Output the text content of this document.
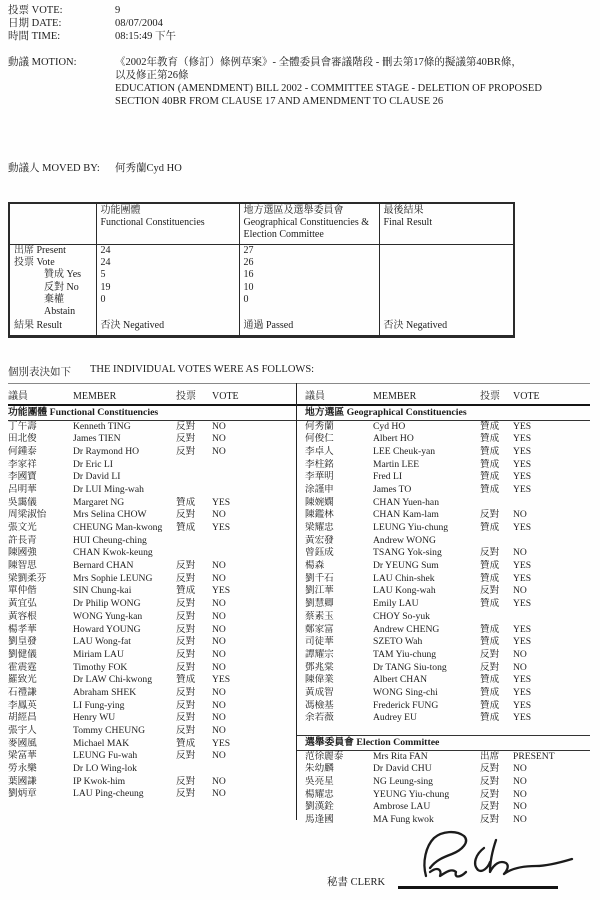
投票 VOTE:	9
日期 DATE:	08/07/2004
時間 TIME:	08:15:49 下午
動議 MOTION:	《2002年教育（修訂）條例草案》- 全體委員會審議階段 - 刪去第17條的擬議第40BR條，
以及修正第26條
EDUCATION (AMENDMENT) BILL 2002 - COMMITTEE STAGE - DELETION OF PROPOSED
SECTION 40BR FROM CLAUSE 17 AND AMENDMENT TO CLAUSE 26
動議人 MOVED BY:	何秀蘭Cyd HO

功能團體
Functional Constituencies

地方選區及選舉委員會
Geographical Constituencies &
Election Committee

最後結果
Final Result

出席 Present	24	27	
投票 Vote	24	26	
贊成 Yes	5	16	
反對 No	19	10	
棄權 Abstain	0	0	
結果 Result	否決 Negatived	通過 Passed	否決 Negatived
個別表決如下 THE INDIVIDUAL VOTES WERE AS FOLLOWS:
議員	MEMBER	投票	VOTE
功能團體 Functional Constituencies
丁午壽	Kenneth TING	反對	NO
田北俊	James TIEN	反對	NO
何鍾泰	Dr Raymond HO	反對	NO
李家祥	Dr Eric LI
李國寶	Dr David LI
呂明華	Dr LUI Ming-wah
吳靄儀	Margaret NG	贊成	YES
周梁淑怡	Mrs Selina CHOW	反對	NO
張文光	CHEUNG Man-kwong	贊成	YES
許長青	HUI Cheung-ching
陳國強	CHAN Kwok-keung
陳智思	Bernard CHAN	反對	NO
梁劉柔芬	Mrs Sophie LEUNG	反對	NO
單仲偕	SIN Chung-kai	贊成	YES
黃宜弘	Dr Philip WONG	反對	NO
黃容根	WONG Yung-kan	反對	NO
楊孝華	Howard YOUNG	反對	NO
劉皇發	LAU Wong-fat	反對	NO
劉健儀	Miriam LAU	反對	NO
霍震霆	Timothy FOK	反對	NO
羅致光	Dr LAW Chi-kwong	贊成	YES
石禮謙	Abraham SHEK	反對	NO
李鳳英	LI Fung-ying	反對	NO
胡經昌	Henry WU	反對	NO
張宇人	Tommy CHEUNG	反對	NO
麥國風	Michael MAK	贊成	YES
梁富華	LEUNG Fu-wah	反對	NO
勞永樂	Dr LO Wing-lok
葉國謙	IP Kwok-him	反對	NO
劉炳章	LAU Ping-cheung	反對	NO
議員	MEMBER	投票	VOTE
地方選區 Geographical Constituencies
何秀蘭	Cyd HO	贊成	YES
何俊仁	Albert HO	贊成	YES
李卓人	LEE Cheuk-yan	贊成	YES
李柱銘	Martin LEE	贊成	YES
李華明	Fred LI	贊成	YES
涂謹申	James TO	贊成	YES
陳婉嫻	CHAN Yuen-han
陳鑑林	CHAN Kam-lam	反對	NO
梁耀忠	LEUNG Yiu-chung	贊成	YES
黃宏發	Andrew WONG
曾鈺成	TSANG Yok-sing	反對	NO
楊森	Dr YEUNG Sum	贊成	YES
劉千石	LAU Chin-shek	贊成	YES
劉江華	LAU Kong-wah	反對	NO
劉慧卿	Emily LAU	贊成	YES
蔡素玉	CHOY So-yuk
鄭家富	Andrew CHENG	贊成	YES
司徒華	SZETO Wah	贊成	YES
譚耀宗	TAM Yiu-chung	反對	NO
鄧兆棠	Dr TANG Siu-tong	反對	NO
陳偉業	Albert CHAN	贊成	YES
黃成智	WONG Sing-chi	贊成	YES
馮檢基	Frederick FUNG	贊成	YES
余若薇	Audrey EU	贊成	YES
選舉委員會 Election Committee
范徐麗泰	Mrs Rita FAN	出席	PRESENT
朱幼麟	Dr David CHU	反對	NO
吳亮星	NG Leung-sing	反對	NO
楊耀忠	YEUNG Yiu-chung	反對	NO
劉漢銓	Ambrose LAU	反對	NO
馬逢國	MA Fung kwok	反對	NO
秘書 CLERK
